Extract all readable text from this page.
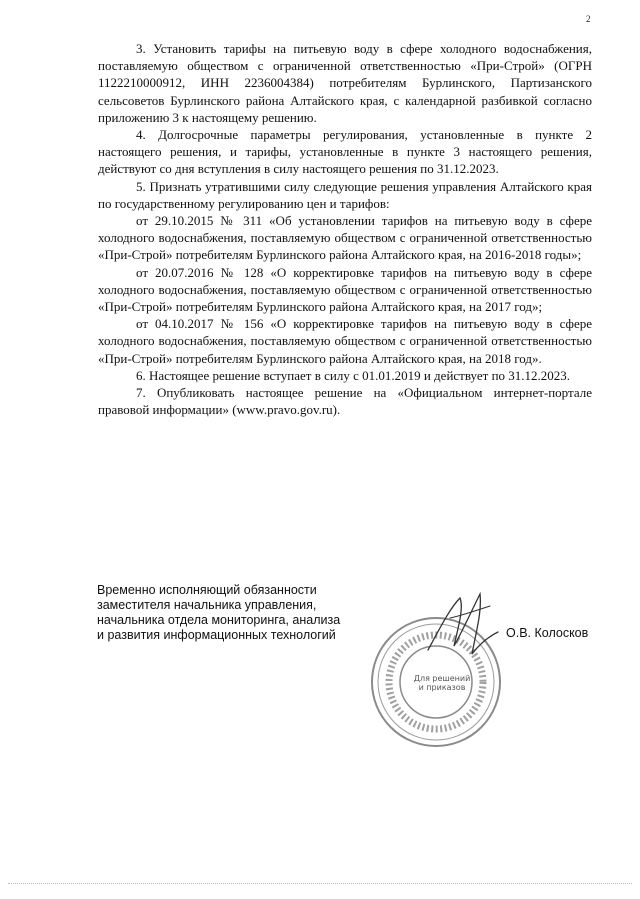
2

3. Установить тарифы на питьевую воду в сфере холодного водоснабжения, поставляемую обществом с ограниченной ответственностью «При-Строй» (ОГРН 1122210000912, ИНН 2236004384) потребителям Бурлинского, Партизанского сельсоветов Бурлинского района Алтайского края, с календарной разбивкой согласно приложению 3 к настоящему решению.

4. Долгосрочные параметры регулирования, установленные в пункте 2 настоящего решения, и тарифы, установленные в пункте 3 настоящего решения, действуют со дня вступления в силу настоящего решения по 31.12.2023.

5. Признать утратившими силу следующие решения управления Алтайского края по государственному регулированию цен и тарифов:

от 29.10.2015 № 311 «Об установлении тарифов на питьевую воду в сфере холодного водоснабжения, поставляемую обществом с ограниченной ответственностью «При-Строй» потребителям Бурлинского района Алтайского края, на 2016-2018 годы»;

от 20.07.2016 № 128 «О корректировке тарифов на питьевую воду в сфере холодного водоснабжения, поставляемую обществом с ограниченной ответственностью «При-Строй» потребителям Бурлинского района Алтайского края, на 2017 год»;

от 04.10.2017 № 156 «О корректировке тарифов на питьевую воду в сфере холодного водоснабжения, поставляемую обществом с ограниченной ответственностью «При-Строй» потребителям Бурлинского района Алтайского края, на 2018 год».

6. Настоящее решение вступает в силу с 01.01.2019 и действует по 31.12.2023.

7. Опубликовать настоящее решение на «Официальном интернет-портале правовой информации» (www.pravo.gov.ru).

Временно исполняющий обязанности
заместителя начальника управления,
начальника отдела мониторинга, анализа
и развития информационных технологий
Для решений
и приказов
О.В. Колосков
